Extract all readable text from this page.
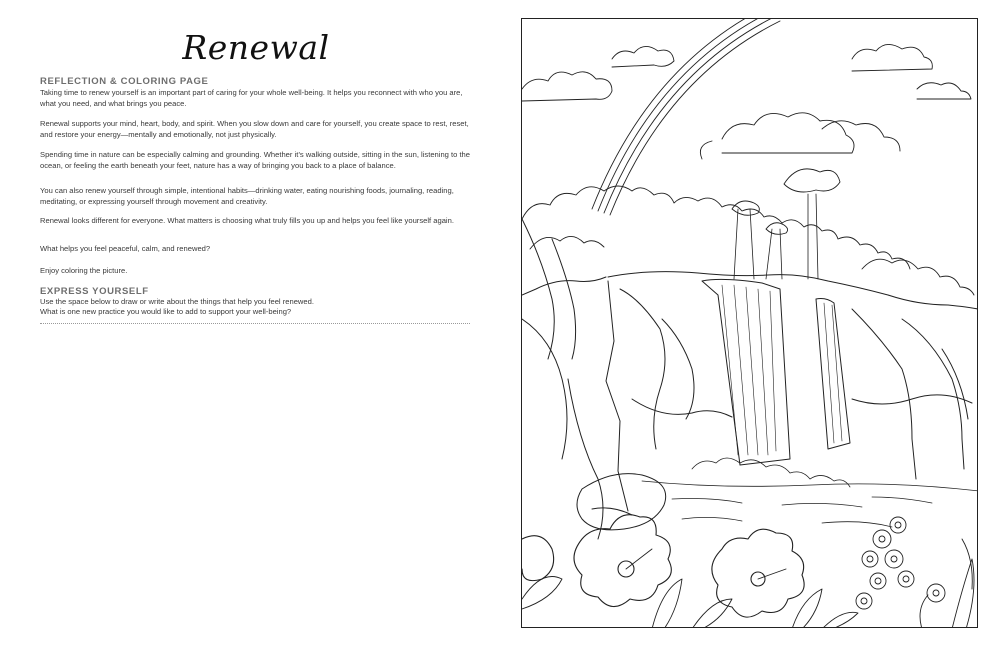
Renewal
REFLECTION & COLORING PAGE
Taking time to renew yourself is an important part of caring for your whole well-being. It helps you reconnect with who you are, what you need, and what brings you peace.
Renewal supports your mind, heart, body, and spirit. When you slow down and care for yourself, you create space to rest, reset, and restore your energy—mentally and emotionally, not just physically.
Spending time in nature can be especially calming and grounding. Whether it’s walking outside, sitting in the sun, listening to the ocean, or feeling the earth beneath your feet, nature has a way of bringing you back to a place of balance.
You can also renew yourself through simple, intentional habits—drinking water, eating nourishing foods, journaling, reading, meditating, or expressing yourself through movement and creativity.
Renewal looks different for everyone. What matters is choosing what truly fills you up and helps you feel like yourself again.
What helps you feel peaceful, calm, and renewed?
Enjoy coloring the picture.
EXPRESS YOURSELF
Use the space below to draw or write about the things that help you feel renewed.
What is one new practice you would like to add to support your well-being?
